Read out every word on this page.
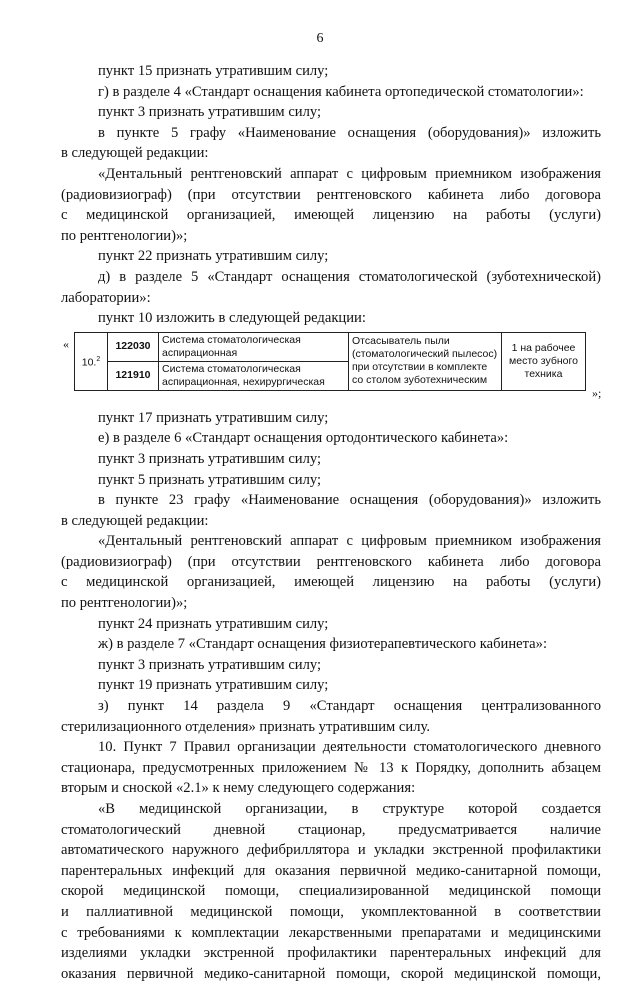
6

пункт 15 признать утратившим силу;

г) в разделе 4 «Стандарт оснащения кабинета ортопедической стоматологии»:

пункт 3 признать утратившим силу;

в пункте 5 графу «Наименование оснащения (оборудования)» изложить

в следующей редакции:

«Дентальный рентгеновский аппарат с цифровым приемником изображения

(радиовизиограф) (при отсутствии рентгеновского кабинета либо договора

с медицинской организацией, имеющей лицензию на работы (услуги)

по рентгенологии)»;

пункт 22 признать утратившим силу;

д) в разделе 5 «Стандарт оснащения стоматологической (зуботехнической)

лаборатории»:

пункт 10 изложить в следующей редакции:

«
10.$^2$	122030	Система стоматологическая аспирационная	Отсасыватель пыли (стоматологический пылесос) при отсутствии в комплекте со столом зуботехническим	1 на рабочее место зубного техника
	121910	Система стоматологическая аспирационная, нехирургическая		
»;

пункт 17 признать утратившим силу;

е) в разделе 6 «Стандарт оснащения ортодонтического кабинета»:

пункт 3 признать утратившим силу;

пункт 5 признать утратившим силу;

в пункте 23 графу «Наименование оснащения (оборудования)» изложить

в следующей редакции:

«Дентальный рентгеновский аппарат с цифровым приемником изображения

(радиовизиограф) (при отсутствии рентгеновского кабинета либо договора

с медицинской организацией, имеющей лицензию на работы (услуги)

по рентгенологии)»;

пункт 24 признать утратившим силу;

ж) в разделе 7 «Стандарт оснащения физиотерапевтического кабинета»:

пункт 3 признать утратившим силу;

пункт 19 признать утратившим силу;

з) пункт 14 раздела 9 «Стандарт оснащения централизованного

стерилизационного отделения» признать утратившим силу.

10. Пункт 7 Правил организации деятельности стоматологического дневного

стационара, предусмотренных приложением № 13 к Порядку, дополнить абзацем

вторым и сноской «2.1» к нему следующего содержания:

«В медицинской организации, в структуре которой создается

стоматологический дневной стационар, предусматривается наличие

автоматического наружного дефибриллятора и укладки экстренной профилактики

парентеральных инфекций для оказания первичной медико-санитарной помощи,

скорой медицинской помощи, специализированной медицинской помощи

и паллиативной медицинской помощи, укомплектованной в соответствии

с требованиями к комплектации лекарственными препаратами и медицинскими

изделиями укладки экстренной профилактики парентеральных инфекций для

оказания первичной медико-санитарной помощи, скорой медицинской помощи,
